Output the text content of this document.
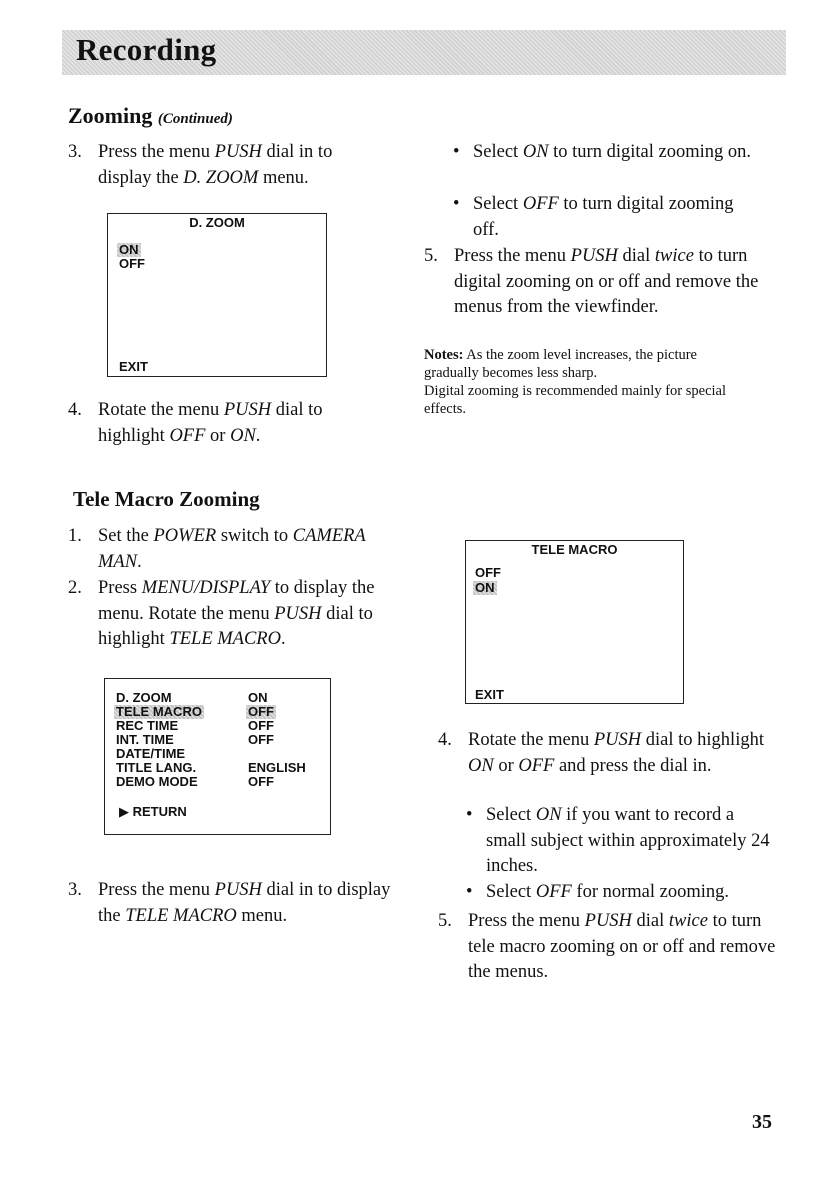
Recording
Zooming (Continued)
3. Press the menu PUSH dial in to display the D. ZOOM menu.
D. ZOOM
ON
OFF
EXIT
4. Rotate the menu PUSH dial to highlight OFF or ON.
• Select ON to turn digital zooming on.
• Select OFF to turn digital zooming off.
5. Press the menu PUSH dial twice to turn digital zooming on or off and remove the menus from the viewfinder.
Notes: As the zoom level increases, the picture gradually becomes less sharp.
Digital zooming is recommended mainly for special effects.
Tele Macro Zooming
1. Set the POWER switch to CAMERA MAN.
2. Press MENU/DISPLAY to display the menu. Rotate the menu PUSH dial to highlight TELE MACRO.
D. ZOOM	ON
TELE MACRO	OFF
REC TIME	OFF
INT. TIME	OFF
DATE/TIME
TITLE LANG.	ENGLISH
DEMO MODE	OFF
▶ RETURN
3. Press the menu PUSH dial in to display the TELE MACRO menu.
TELE MACRO
OFF
ON
EXIT
4. Rotate the menu PUSH dial to highlight ON or OFF and press the dial in.
• Select ON if you want to record a small subject within approximately 24 inches.
• Select OFF for normal zooming.
5. Press the menu PUSH dial twice to turn tele macro zooming on or off and remove the menus.
35
